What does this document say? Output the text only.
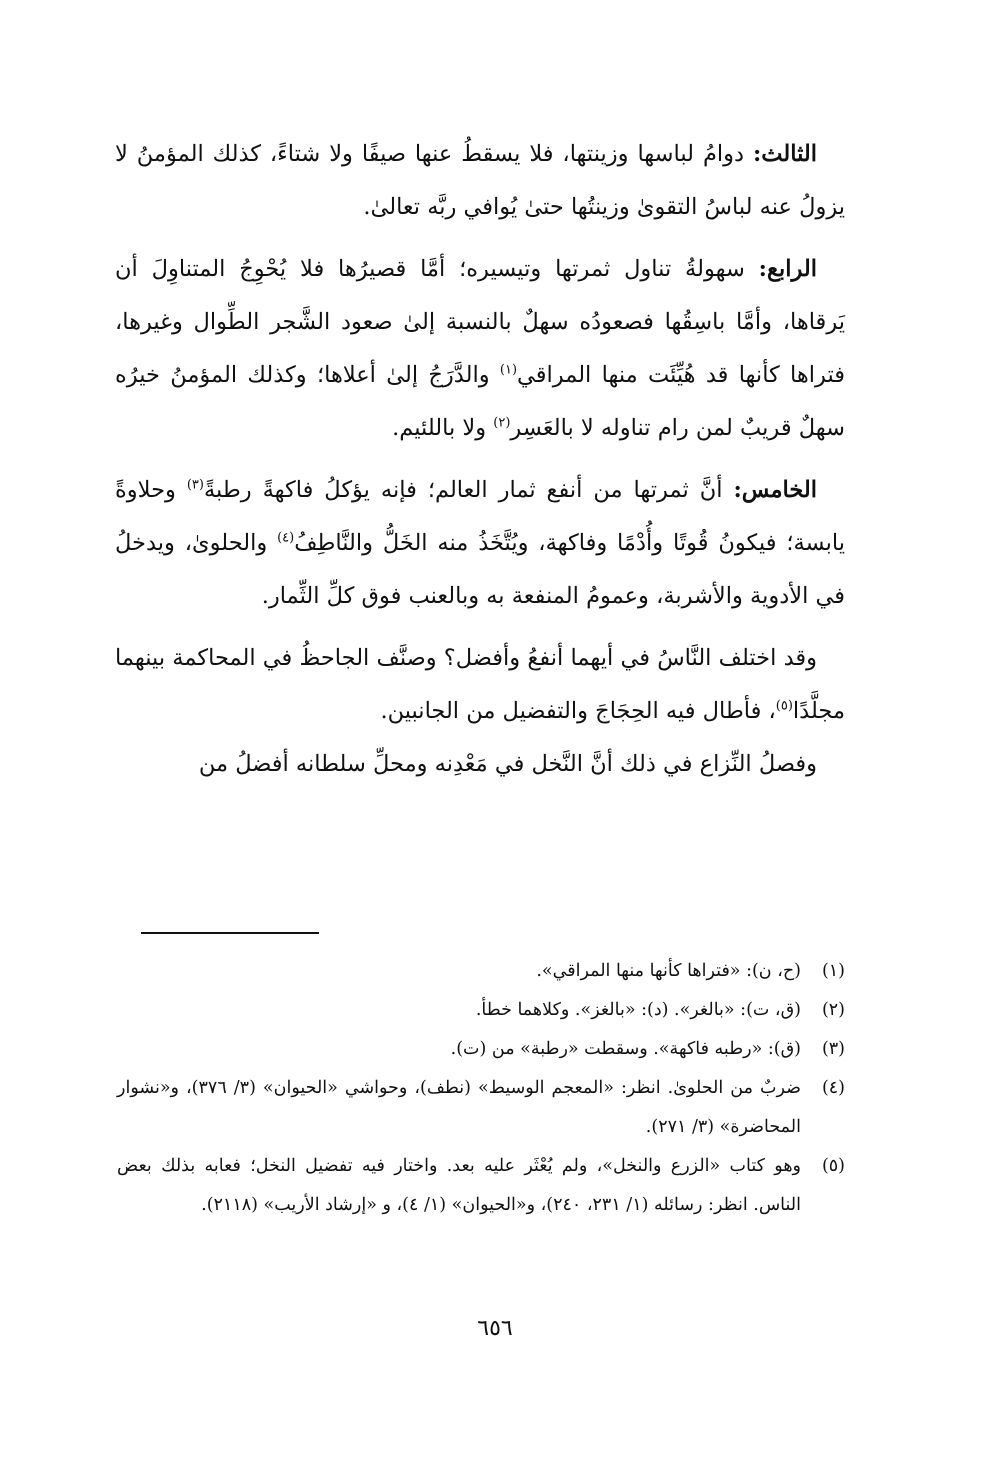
الثالث: دوامُ لباسها وزينتها، فلا يسقطُ عنها صيفًا ولا شتاءً، كذلك المؤمنُ لا يزولُ عنه لباسُ التقوىٰ وزينتُها حتىٰ يُوافي ربَّه تعالىٰ.

الرابع: سهولةُ تناول ثمرتها وتيسيره؛ أمَّا قصيرُها فلا يُحْوِجُ المتناوِلَ أن يَرقاها، وأمَّا باسِقُها فصعودُه سهلٌ بالنسبة إلىٰ صعود الشَّجر الطِّوال وغيرها، فتراها كأنها قد هُيِّئَت منها المراقي$^{(١)}$ والدَّرَجُ إلىٰ أعلاها؛ وكذلك المؤمنُ خيرُه سهلٌ قريبٌ لمن رام تناوله لا بالعَسِر$^{(٢)}$ ولا باللئيم.

الخامس: أنَّ ثمرتها من أنفع ثمار العالم؛ فإنه يؤكلُ فاكهةً رطبةً$^{(٣)}$ وحلاوةً يابسة؛ فيكونُ قُوتًا وأُدْمًا وفاكهة، ويُتَّخَذُ منه الخَلُّ والنَّاطِفُ$^{(٤)}$ والحلوىٰ، ويدخلُ في الأدوية والأشربة، وعمومُ المنفعة به وبالعنب فوق كلِّ الثِّمار.

وقد اختلف النَّاسُ في أيهما أنفعُ وأفضل؟ وصنَّف الجاحظُ في المحاكمة بينهما مجلَّدًا$^{(٥)}$، فأطال فيه الحِجَاجَ والتفضيل من الجانبين.

وفصلُ النِّزاع في ذلك أنَّ النَّخل في مَعْدِنه ومحلِّ سلطانه أفضلُ من

(١)
(ح، ن): «فتراها كأنها منها المراقي».
(٢)
(ق، ت): «بالغر». (د): «بالغز». وكلاهما خطأ.
(٣)
(ق): «رطبه فاكهة». وسقطت «رطبة» من (ت).
(٤)
ضربٌ من الحلوىٰ. انظر: «المعجم الوسيط» (نطف)، وحواشي «الحيوان» (٣/ ٣٧٦)، و«نشوار المحاضرة» (٣/ ٢٧١).
(٥)
وهو كتاب «الزرع والنخل»، ولم يُعْثَر عليه بعد. واختار فيه تفضيل النخل؛ فعابه بذلك بعض الناس. انظر: رسائله (١/ ٢٣١، ٢٤٠)، و«الحيوان» (١/ ٤)، و «إرشاد الأريب» (٢١١٨).
٦٥٦
